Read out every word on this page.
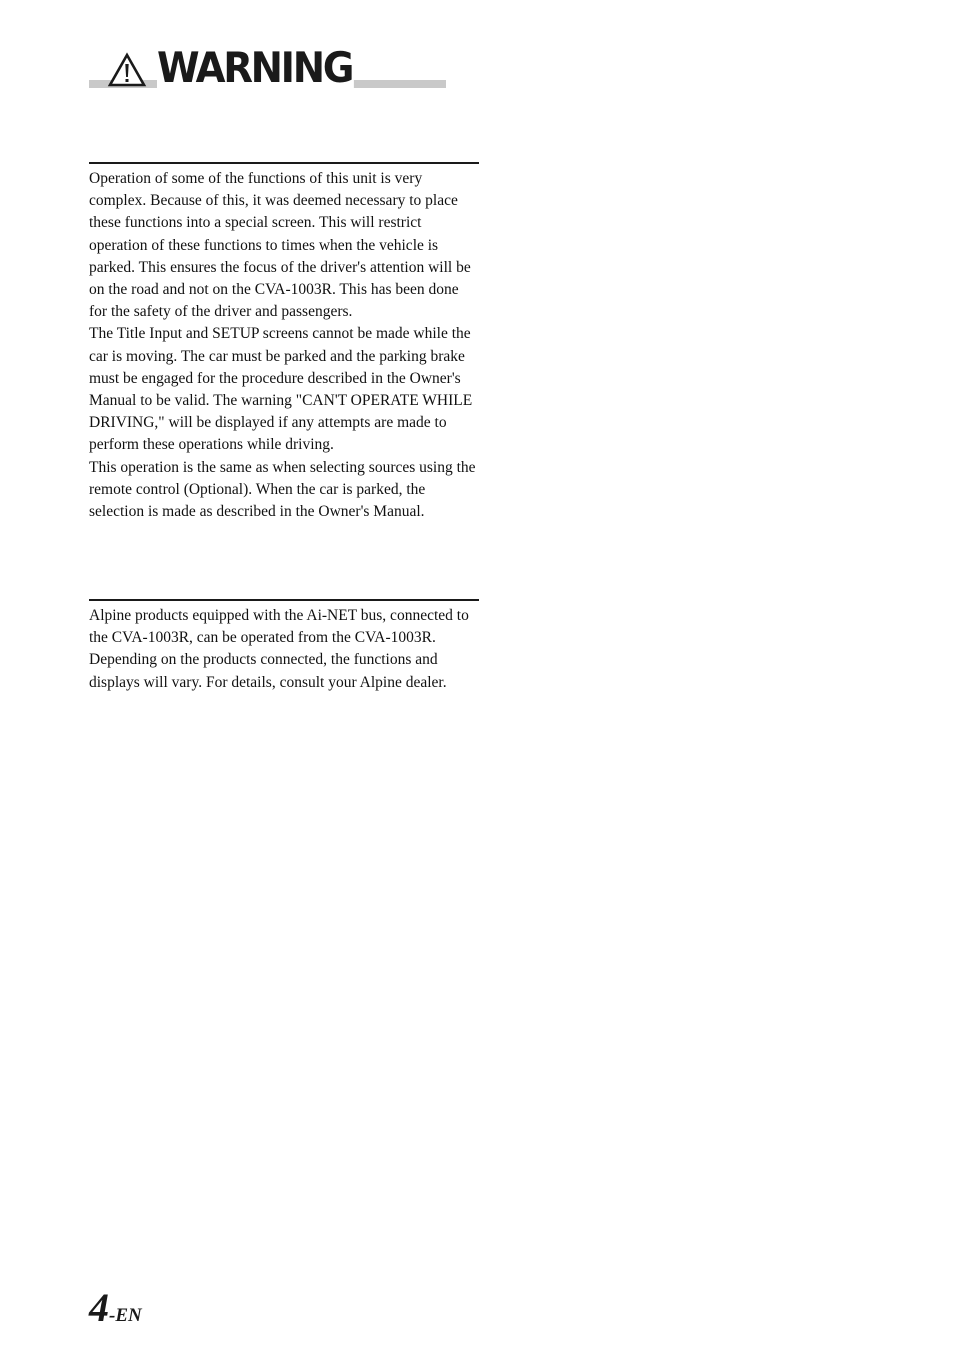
WARNING

Operation of some of the functions of this unit is very complex. Because of this, it was deemed necessary to place these functions into a special screen. This will restrict operation of these functions to times when the vehicle is parked. This ensures the focus of the driver's attention will be on the road and not on the CVA-1003R. This has been done for the safety of the driver and passengers.

The Title Input and SETUP screens cannot be made while the car is moving. The car must be parked and the parking brake must be engaged for the procedure described in the Owner's Manual to be valid. The warning "CAN'T OPERATE WHILE DRIVING," will be displayed if any attempts are made to perform these operations while driving.

This operation is the same as when selecting sources using the remote control (Optional). When the car is parked, the selection is made as described in the Owner's Manual.

Alpine products equipped with the Ai-NET bus, connected to the CVA-1003R, can be operated from the CVA-1003R. Depending on the products connected, the functions and displays will vary. For details, consult your Alpine dealer.

4-EN
